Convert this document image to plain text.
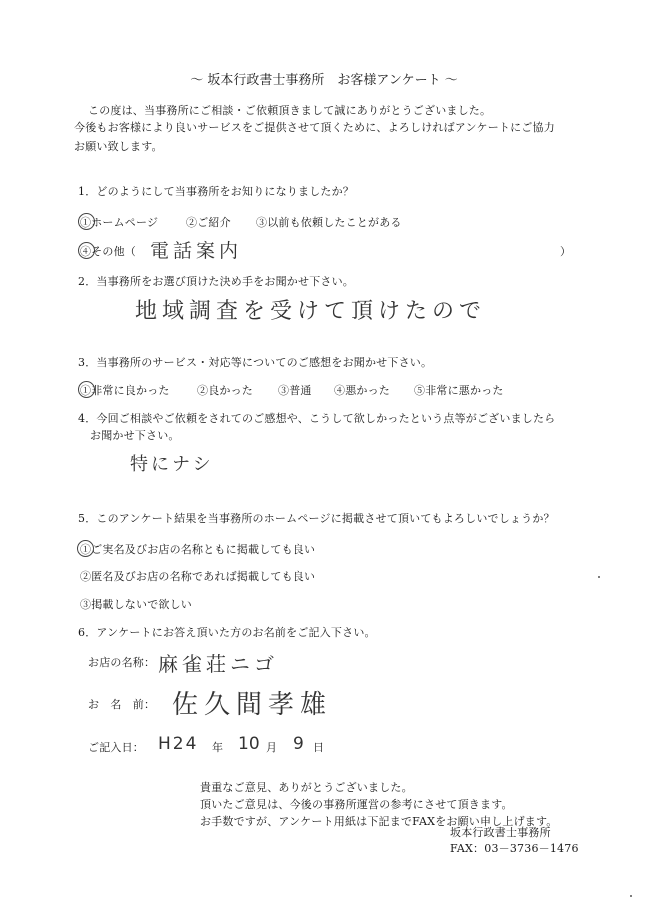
〜 坂本行政書士事務所　お客様アンケート 〜
この度は、当事務所にご相談・ご依頼頂きまして誠にありがとうございました。
今後もお客様により良いサービスをご提供させて頂くために、よろしければアンケートにご協力
お願い致します。
1．どのようにして当事務所をお知りになりましたか？
①ホームページ	②ご紹介 ③以前も依頼したことがある
④その他（ 電話案内	）
2．当事務所をお選び頂けた決め手をお聞かせ下さい。
地域調査を受けて頂けたので
3．当事務所のサービス・対応等についてのご感想をお聞かせ下さい。
①非常に良かった ②良かった ③普通 ④悪かった ⑤非常に悪かった
4．今回ご相談やご依頼をされてのご感想や、こうして欲しかったという点等がございましたら
お聞かせ下さい。
特にナシ
5．このアンケート結果を当事務所のホームページに掲載させて頂いてもよろしいでしょうか？
①ご実名及びお店の名称ともに掲載しても良い
②匿名及びお店の名称であれば掲載しても良い
③掲載しないで欲しい
6．アンケートにお答え頂いた方のお名前をご記入下さい。
お店の名称： 麻雀荘ニゴ
お　名　前： 佐久間孝雄
ご記入日： H24 年 10 月 9 日
貴重なご意見、ありがとうございました。
頂いたご意見は、今後の事務所運営の参考にさせて頂きます。
お手数ですが、アンケート用紙は下記までFAXをお願い申し上げます。
坂本行政書士事務所
FAX：03－3736－1476
